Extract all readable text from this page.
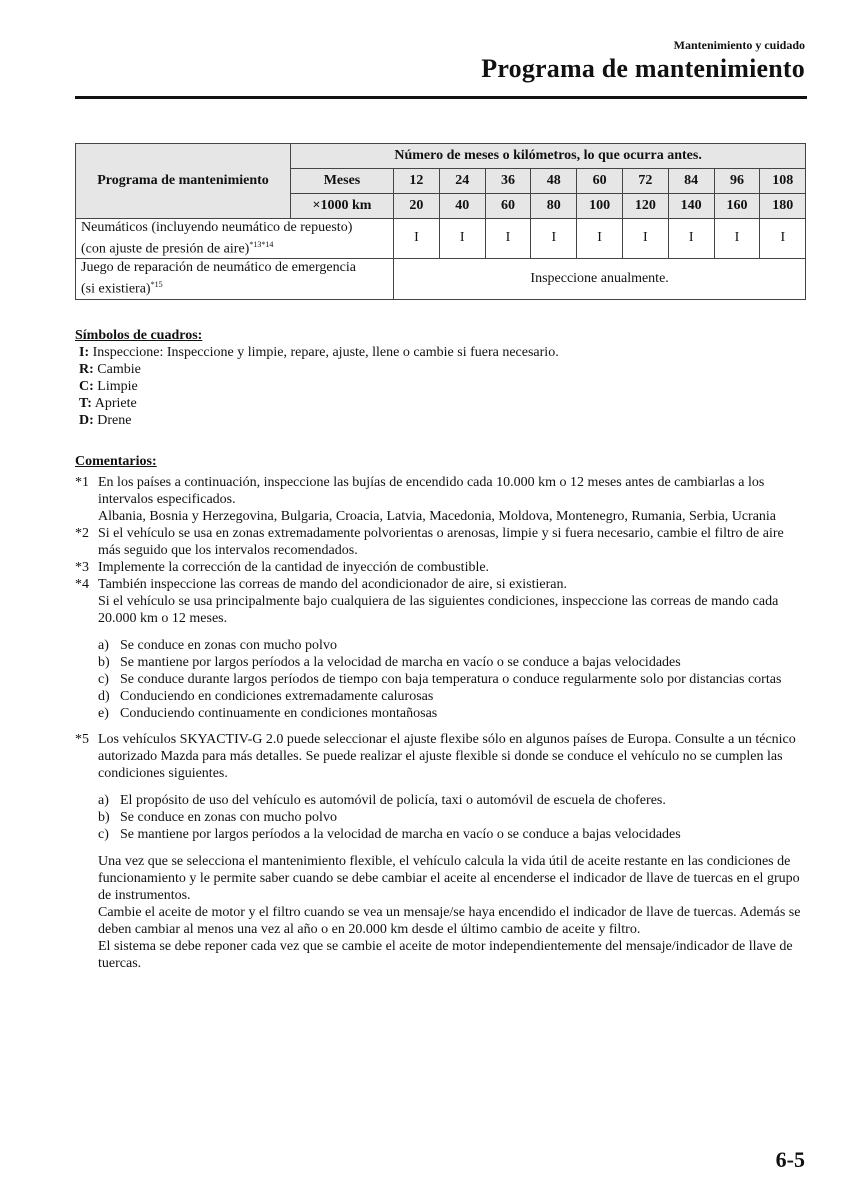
Mantenimiento y cuidado
Programa de mantenimiento
Programa de mantenimiento	Número de meses o kilómetros, lo que ocurra antes.									
	Meses	12	24	36	48	60	72	84	96	108
	×1000 km	20	40	60	80	100	120	140	160	180
Neumáticos (incluyendo neumático de repuesto)
(con ajuste de presión de aire)$^{*13*14}$		I	I	I	I	I	I	I	I	I
Juego de reparación de neumático de emergencia
(si existiera)$^{*15}$		Inspeccione anualmente.								
Símbolos de cuadros:
I: Inspeccione: Inspeccione y limpie, repare, ajuste, llene o cambie si fuera necesario.
R: Cambie
C: Limpie
T: Apriete
D: Drene
Comentarios:
*1 En los países a continuación, inspeccione las bujías de encendido cada 10.000 km o 12 meses antes de cambiarlas a los intervalos especificados.

Albania, Bosnia y Herzegovina, Bulgaria, Croacia, Latvia, Macedonia, Moldova, Montenegro, Rumania, Serbia, Ucrania

*2 Si el vehículo se usa en zonas extremadamente polvorientas o arenosas, limpie y si fuera necesario, cambie el filtro de aire más seguido que los intervalos recomendados.

*3 Implemente la corrección de la cantidad de inyección de combustible.

*4 También inspeccione las correas de mando del acondicionador de aire, si existieran.

Si el vehículo se usa principalmente bajo cualquiera de las siguientes condiciones, inspeccione las correas de mando cada 20.000 km o 12 meses.

a) Se conduce en zonas con mucho polvo
b) Se mantiene por largos períodos a la velocidad de marcha en vacío o se conduce a bajas velocidades
c) Se conduce durante largos períodos de tiempo con baja temperatura o conduce regularmente solo por distancias cortas
d) Conduciendo en condiciones extremadamente calurosas
e) Conduciendo continuamente en condiciones montañosas
*5 Los vehículos SKYACTIV-G 2.0 puede seleccionar el ajuste flexibe sólo en algunos países de Europa. Consulte a un técnico autorizado Mazda para más detalles. Se puede realizar el ajuste flexible si donde se conduce el vehículo no se cumplen las condiciones siguientes.

a) El propósito de uso del vehículo es automóvil de policía, taxi o automóvil de escuela de choferes.
b) Se conduce en zonas con mucho polvo
c) Se mantiene por largos períodos a la velocidad de marcha en vacío o se conduce a bajas velocidades

Una vez que se selecciona el mantenimiento flexible, el vehículo calcula la vida útil de aceite restante en las condiciones de funcionamiento y le permite saber cuando se debe cambiar el aceite al encenderse el indicador de llave de tuercas en el grupo de instrumentos.

Cambie el aceite de motor y el filtro cuando se vea un mensaje/se haya encendido el indicador de llave de tuercas. Además se deben cambiar al menos una vez al año o en 20.000 km desde el último cambio de aceite y filtro.

El sistema se debe reponer cada vez que se cambie el aceite de motor independientemente del mensaje/indicador de llave de tuercas.

6-5
